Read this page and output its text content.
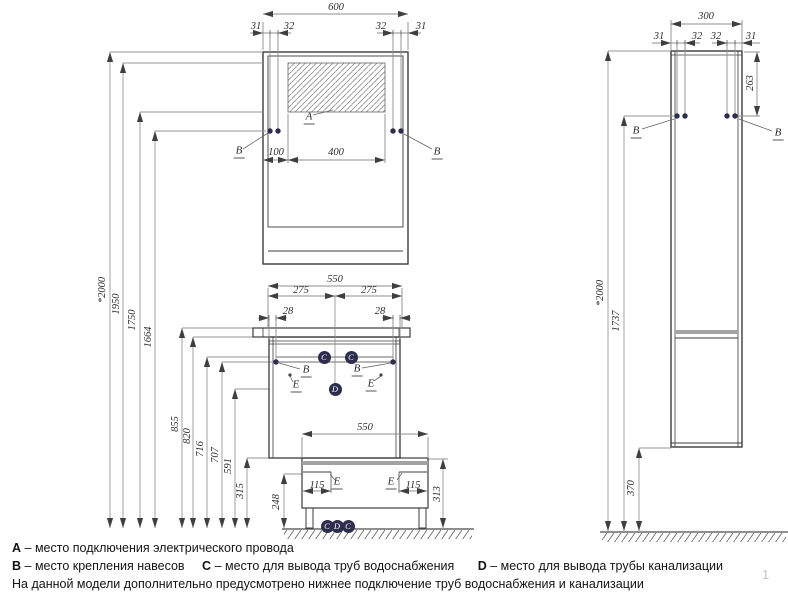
600
31 32	32	31
100	400
A
B	B
*2000
1950
1750
1664
855
820
716 707
591
315
248
313
550
275	275
28	28
B	B
E	E
550
115	115
E	E
300
31	32 32 31
263
*2000
1737
370
B	B
C	C
D
C D C
А – место подключения электрического провода
В – место крепления навесов С – место для вывода труб водоснабжения D – место для вывода трубы канализации
На данной модели дополнительно предусмотрено нижнее подключение труб водоснабжения и канализации
1
